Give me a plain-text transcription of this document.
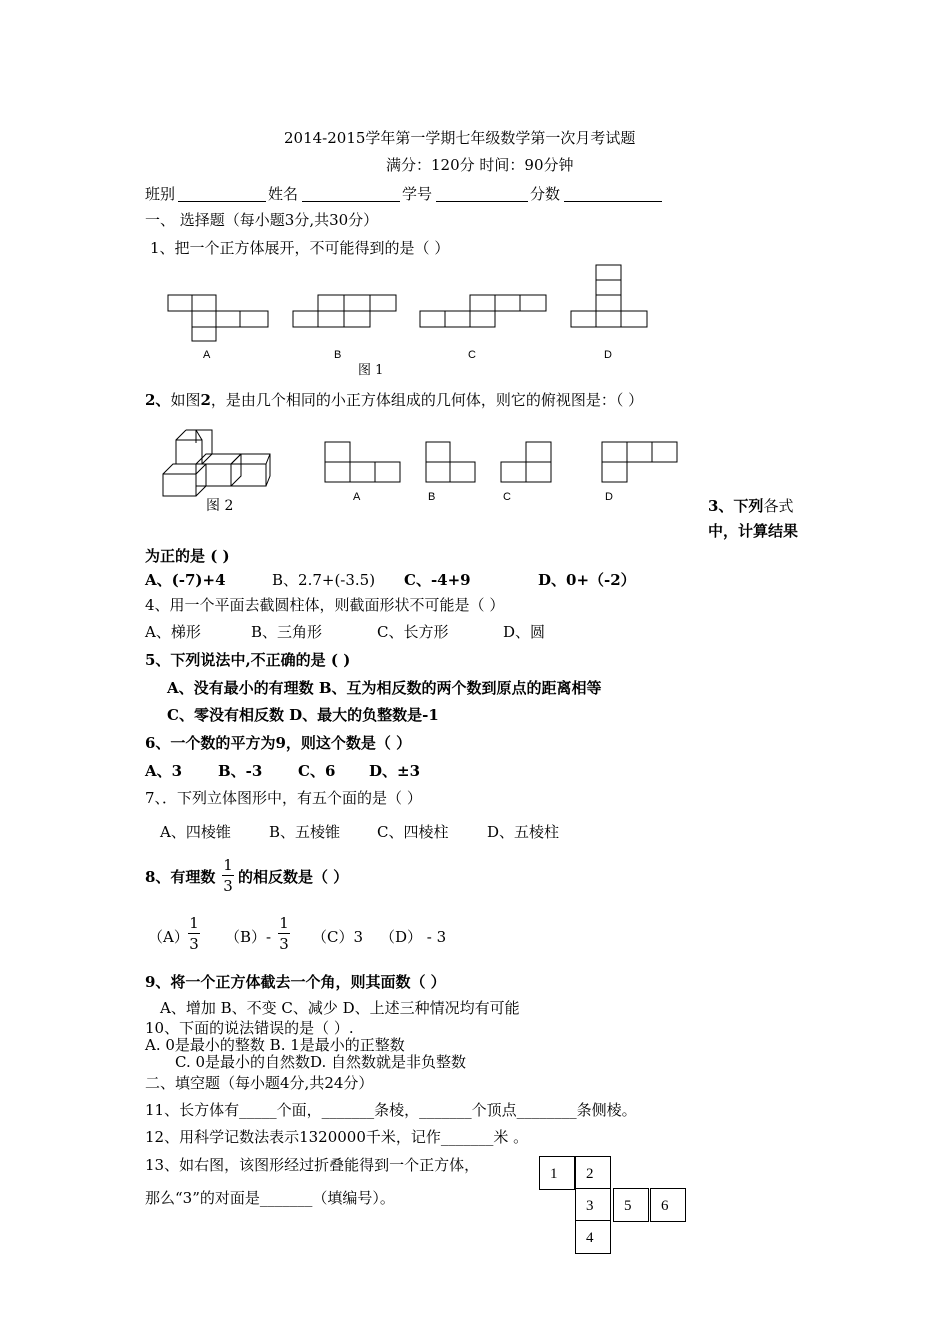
2014-2015学年第一学期七年级数学第一次月考试题
满分：120分 时间：90分钟
班别	姓名	学号	分数
一、 选择题（每小题3分,共30分）
1、把一个正方体展开，不可能得到的是（ ）
A	B	C	D
图 1
2、如图2，是由几个相同的小正方体组成的几何体，则它的俯视图是：（ ）
图 2
A	B	C	D	3、下列各式
中，计算结果
为正的是 ( )
A、(-7)+4	B、2.7+(-3.5) C、-4+9	D、0+（-2）
4、用一个平面去截圆柱体，则截面形状不可能是（ ）
A、梯形	B、三角形	C、长方形	D、圆
5、下列说法中,不正确的是 ( )
A、没有最小的有理数 B、互为相反数的两个数到原点的距离相等
C、零没有相反数 D、最大的负整数是-1
6、一个数的平方为9，则这个数是（ ）
A、3 B、-3 C、6 D、±3
7、．下列立体图形中，有五个面的是（ ）
A、四棱锥	B、五棱锥 C、四棱柱	D、五棱柱
8、有理数
1
3 的相反数是（ ）
（A）
1
3 （B）-
1
3 （C）3 （D） - 3
9、将一个正方体截去一个角，则其面数（ ）
A、增加 B、不变 C、减少 D、上述三种情况均有可能
10、下面的说法错误的是（ ）.
A. 0是最小的整数 B. 1是最小的正整数
C. 0是最小的自然数D. 自然数就是非负整数
二、填空题（每小题4分,共24分）
11、长方体有_____个面，_______条棱，_______个顶点________条侧棱。
12、用科学记数法表示1320000千米，记作_______米 。
13、如右图，该图形经过折叠能得到一个正方体，
那么“3”的对面是_______（填编号）。
1	2
3	5	6
4
